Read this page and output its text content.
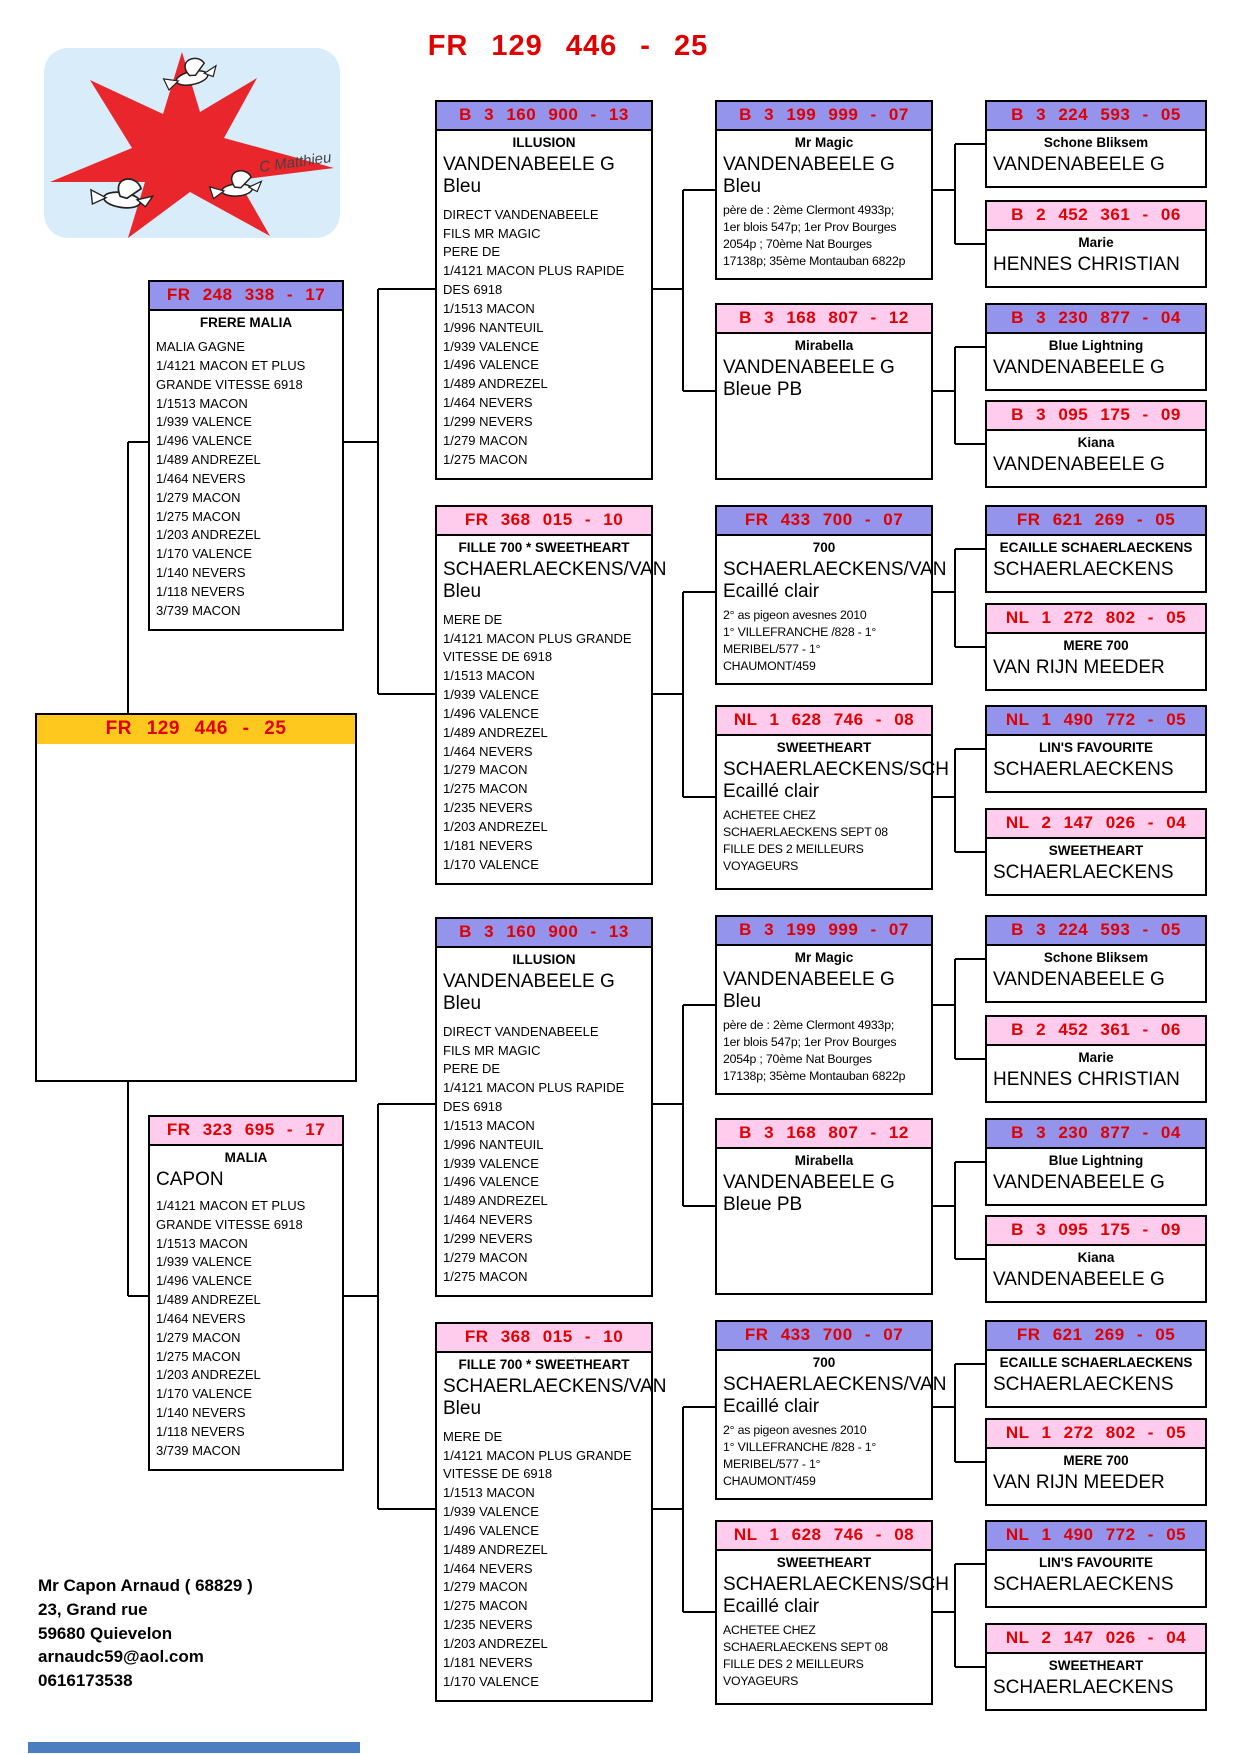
C Matthieu
FR 129 446 - 25
FR 129 446 - 25
FR 248 338 - 17
FRERE MALIA
MALIA GAGNE
1/4121 MACON ET PLUS
GRANDE VITESSE 6918
1/1513 MACON
1/939 VALENCE
1/496 VALENCE
1/489 ANDREZEL
1/464 NEVERS
1/279 MACON
1/275 MACON
1/203 ANDREZEL
1/170 VALENCE
1/140 NEVERS
1/118 NEVERS
3/739 MACON
FR 323 695 - 17
MALIA
CAPON
1/4121 MACON ET PLUS
GRANDE VITESSE 6918
1/1513 MACON
1/939 VALENCE
1/496 VALENCE
1/489 ANDREZEL
1/464 NEVERS
1/279 MACON
1/275 MACON
1/203 ANDREZEL
1/170 VALENCE
1/140 NEVERS
1/118 NEVERS
3/739 MACON
B 3 160 900 - 13
ILLUSION
VANDENABEELE G
Bleu
DIRECT VANDENABEELE
FILS MR MAGIC
PERE DE
1/4121 MACON PLUS RAPIDE
DES 6918
1/1513 MACON
1/996 NANTEUIL
1/939 VALENCE
1/496 VALENCE
1/489 ANDREZEL
1/464 NEVERS
1/299 NEVERS
1/279 MACON
1/275 MACON
B 3 160 900 - 13
ILLUSION
VANDENABEELE G
Bleu
DIRECT VANDENABEELE
FILS MR MAGIC
PERE DE
1/4121 MACON PLUS RAPIDE
DES 6918
1/1513 MACON
1/996 NANTEUIL
1/939 VALENCE
1/496 VALENCE
1/489 ANDREZEL
1/464 NEVERS
1/299 NEVERS
1/279 MACON
1/275 MACON
FR 368 015 - 10
FILLE 700 * SWEETHEART
SCHAERLAECKENS/VAN
Bleu
MERE DE
1/4121 MACON PLUS GRANDE
VITESSE DE 6918
1/1513 MACON
1/939 VALENCE
1/496 VALENCE
1/489 ANDREZEL
1/464 NEVERS
1/279 MACON
1/275 MACON
1/235 NEVERS
1/203 ANDREZEL
1/181 NEVERS
1/170 VALENCE
FR 368 015 - 10
FILLE 700 * SWEETHEART
SCHAERLAECKENS/VAN
Bleu
MERE DE
1/4121 MACON PLUS GRANDE
VITESSE DE 6918
1/1513 MACON
1/939 VALENCE
1/496 VALENCE
1/489 ANDREZEL
1/464 NEVERS
1/279 MACON
1/275 MACON
1/235 NEVERS
1/203 ANDREZEL
1/181 NEVERS
1/170 VALENCE
B 3 199 999 - 07
Mr Magic
VANDENABEELE G
Bleu
père de : 2ème Clermont 4933p;
1er blois 547p; 1er Prov Bourges
2054p ; 70ème Nat Bourges
17138p; 35ème Montauban 6822p
B 3 199 999 - 07
Mr Magic
VANDENABEELE G
Bleu
père de : 2ème Clermont 4933p;
1er blois 547p; 1er Prov Bourges
2054p ; 70ème Nat Bourges
17138p; 35ème Montauban 6822p
B 3 168 807 - 12
Mirabella
VANDENABEELE G
Bleue PB
B 3 168 807 - 12
Mirabella
VANDENABEELE G
Bleue PB
FR 433 700 - 07
700
SCHAERLAECKENS/VAN
Ecaillé clair
2° as pigeon avesnes 2010
1° VILLEFRANCHE /828 - 1°
MERIBEL/577 - 1°
CHAUMONT/459
FR 433 700 - 07
700
SCHAERLAECKENS/VAN
Ecaillé clair
2° as pigeon avesnes 2010
1° VILLEFRANCHE /828 - 1°
MERIBEL/577 - 1°
CHAUMONT/459
NL 1 628 746 - 08
SWEETHEART
SCHAERLAECKENS/SCH
Ecaillé clair
ACHETEE CHEZ
SCHAERLAECKENS SEPT 08
FILLE DES 2 MEILLEURS
VOYAGEURS
NL 1 628 746 - 08
SWEETHEART
SCHAERLAECKENS/SCH
Ecaillé clair
ACHETEE CHEZ
SCHAERLAECKENS SEPT 08
FILLE DES 2 MEILLEURS
VOYAGEURS
B 3 224 593 - 05
Schone Bliksem
VANDENABEELE G
B 3 224 593 - 05
Schone Bliksem
VANDENABEELE G
B 2 452 361 - 06
Marie
HENNES CHRISTIAN
B 2 452 361 - 06
Marie
HENNES CHRISTIAN
B 3 230 877 - 04
Blue Lightning
VANDENABEELE G
B 3 230 877 - 04
Blue Lightning
VANDENABEELE G
B 3 095 175 - 09
Kiana
VANDENABEELE G
B 3 095 175 - 09
Kiana
VANDENABEELE G
FR 621 269 - 05
ECAILLE SCHAERLAECKENS
SCHAERLAECKENS
FR 621 269 - 05
ECAILLE SCHAERLAECKENS
SCHAERLAECKENS
NL 1 272 802 - 05
MERE 700
VAN RIJN MEEDER
NL 1 272 802 - 05
MERE 700
VAN RIJN MEEDER
NL 1 490 772 - 05
LIN'S FAVOURITE
SCHAERLAECKENS
NL 1 490 772 - 05
LIN'S FAVOURITE
SCHAERLAECKENS
NL 2 147 026 - 04
SWEETHEART
SCHAERLAECKENS
NL 2 147 026 - 04
SWEETHEART
SCHAERLAECKENS
Mr Capon Arnaud ( 68829 )
23, Grand rue
59680 Quievelon
arnaudc59@aol.com
0616173538
